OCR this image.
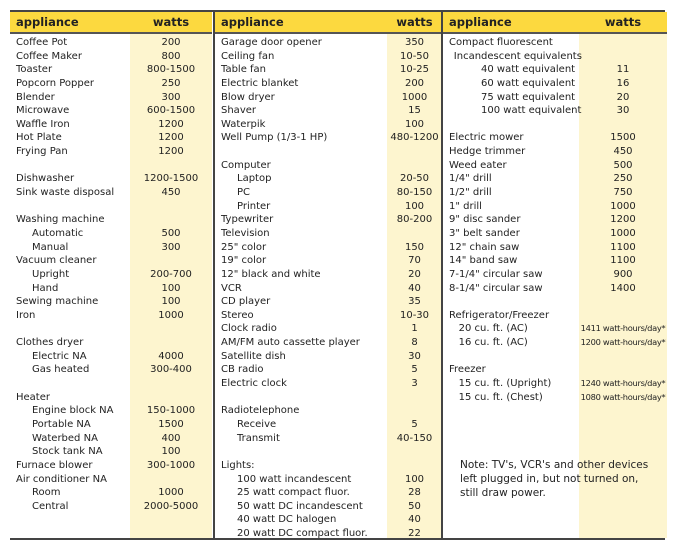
appliance	watts
Coffee Pot	200
Coffee Maker	800
Toaster	800-1500
Popcorn Popper	250
Blender	300
Microwave	600-1500
Waffle Iron	1200
Hot Plate	1200
Frying Pan	1200
Dishwasher	1200-1500
Sink waste disposal	450
Washing machine
Automatic	500
Manual	300
Vacuum cleaner
Upright	200-700
Hand	100
Sewing machine	100
Iron	1000
Clothes dryer
Electric NA	4000
Gas heated	300-400
Heater
Engine block NA	150-1000
Portable NA	1500
Waterbed NA	400
Stock tank NA	100
Furnace blower	300-1000
Air conditioner NA
Room	1000
Central	2000-5000
appliance	watts
Garage door opener	350
Ceiling fan	10-50
Table fan	10-25
Electric blanket	200
Blow dryer	1000
Shaver	15
Waterpik	100
Well Pump (1/3-1 HP)	480-1200
Computer
Laptop	20-50
PC	80-150
Printer	100
Typewriter	80-200
Television
25" color	150
19" color	70
12" black and white	20
VCR	40
CD player	35
Stereo	10-30
Clock radio	1
AM/FM auto cassette player	8
Satellite dish	30
CB radio	5
Electric clock	3
Radiotelephone
Receive	5
Transmit	40-150
Lights:
100 watt incandescent	100
25 watt compact fluor.	28
50 watt DC incandescent	50
40 watt DC halogen	40
20 watt DC compact fluor.	22
appliance	watts
Compact fluorescent
Incandescent equivalents
40 watt equivalent	11
60 watt equivalent	16
75 watt equivalent	20
100 watt equivalent	30
Electric mower	1500
Hedge trimmer	450
Weed eater	500
1/4" drill	250
1/2" drill	750
1" drill	1000
9" disc sander	1200
3" belt sander	1000
12" chain saw	1100
14" band saw	1100
7-1/4" circular saw	900
8-1/4" circular saw	1400
Refrigerator/Freezer
20 cu. ft. (AC)	1411 watt-hours/day*
16 cu. ft. (AC)	1200 watt-hours/day*
Freezer
15 cu. ft. (Upright)	1240 watt-hours/day*
15 cu. ft. (Chest)	1080 watt-hours/day*
Note: TV's, VCR's and other devices left plugged in, but not turned on, still draw power.
